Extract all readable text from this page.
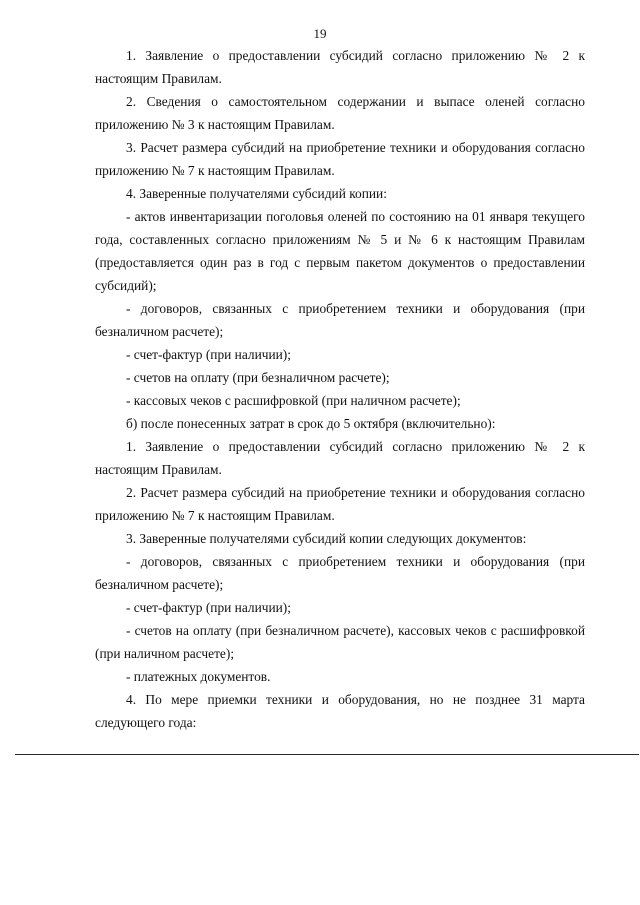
19

1. Заявление о предоставлении субсидий согласно приложению № 2 к настоящим Правилам.

2. Сведения о самостоятельном содержании и выпасе оленей согласно приложению № 3 к настоящим Правилам.

3. Расчет размера субсидий на приобретение техники и оборудования согласно приложению № 7 к настоящим Правилам.

4. Заверенные получателями субсидий копии:

- актов инвентаризации поголовья оленей по состоянию на 01 января текущего года, составленных согласно приложениям № 5 и № 6 к настоящим Правилам (предоставляется один раз в год с первым пакетом документов о предоставлении субсидий);

- договоров, связанных с приобретением техники и оборудования (при безналичном расчете);

- счет-фактур (при наличии);

- счетов на оплату (при безналичном расчете);

- кассовых чеков с расшифровкой (при наличном расчете);

б) после понесенных затрат в срок до 5 октября (включительно):

1. Заявление о предоставлении субсидий согласно приложению № 2 к настоящим Правилам.

2. Расчет размера субсидий на приобретение техники и оборудования согласно приложению № 7 к настоящим Правилам.

3. Заверенные получателями субсидий копии следующих документов:

- договоров, связанных с приобретением техники и оборудования (при безналичном расчете);

- счет-фактур (при наличии);

- счетов на оплату (при безналичном расчете), кассовых чеков с расшифровкой (при наличном расчете);

- платежных документов.

4. По мере приемки техники и оборудования, но не позднее 31 марта следующего года:
